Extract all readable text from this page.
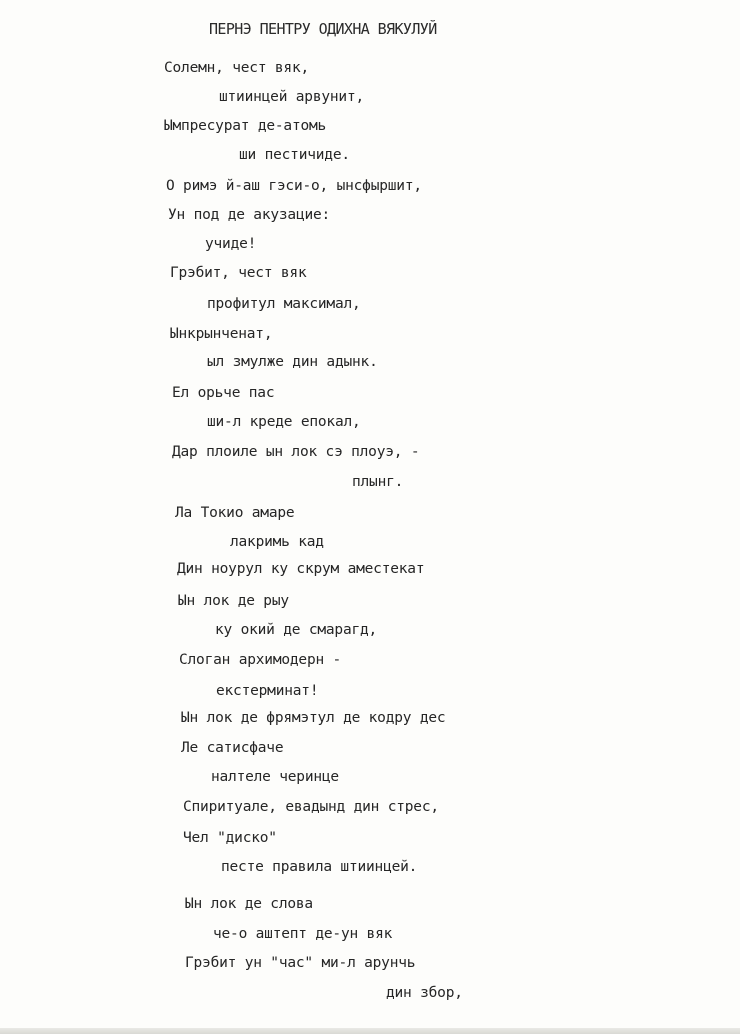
ПЕРНЭ ПЕНТРУ ОДИХНА ВЯКУЛУЙ
Солемн, чест вяк,
штиинцей арвунит,
Ымпресурат де-атомь
ши пестичиде.
О римэ й-аш гэси-о, ынсфыршит,
Ун под де акузацие:
учиде!
Грэбит, чест вяк
профитул максимал,
Ынкрынченат,
ыл змулже дин адынк.
Ел орьче пас
ши-л креде епокал,
Дар плоиле ын лок сэ плоуэ, -
плынг.
Ла Токио амаре
лакримь кад
Дин ноурул ку скрум аместекат
Ын лок де рыу
ку окий де смарагд,
Слоган архимодерн -
екстерминат!
Ын лок де фрямэтул де кодру дес
Ле сатисфаче
налтеле черинце
Спиритуале, евадынд дин стрес,
Чел "диско"
песте правила штиинцей.
Ын лок де слова
че-о аштепт де-ун вяк
Грэбит ун "час" ми-л арунчь
дин збор,
